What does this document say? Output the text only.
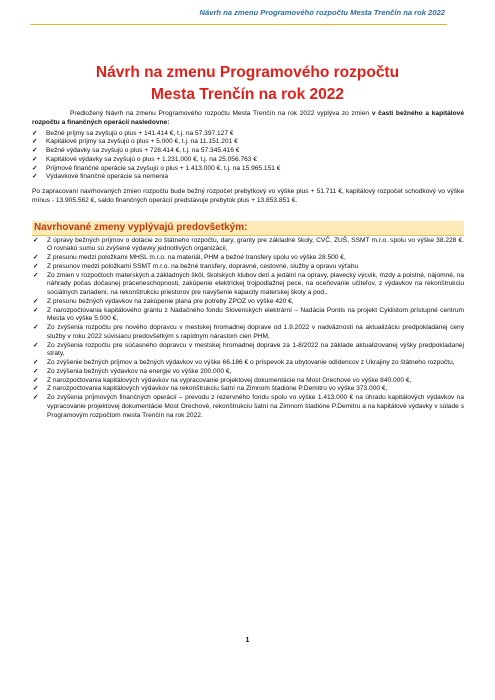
Návrh na zmenu Programového rozpočtu Mesta Trenčín na rok 2022
Návrh na zmenu Programového rozpočtu
Mesta Trenčín na rok 2022

Predložený Návrh na zmenu Programového rozpočtu Mesta Trenčín na rok 2022 vyplýva zo zmien v časti bežného a kapitálové rozpočtu a finančných operácií nasledovne:

✓ Bežné príjmy sa zvyšujú o plus + 141.414 €, t.j. na 57.397.127 €
✓ Kapitálové príjmy sa zvyšujú o plus + 5.000 €, t.j. na 11.151.201 €
✓ Bežné výdavky sa zvyšujú o plus + 728.414 €, t.j. na 57.345.416 €
✓ Kapitálové výdavky sa zvyšujú o plus + 1.231.000 €, t.j. na 25.056.763 €
✓ Príjmové finančné operácie sa zvyšujú o plus + 1.413.000 €, t.j. na 15.965.151 €
✓ Výdavkové finančné operácie sa nemenia

Po zapracovaní navrhovaných zmien rozpočtu bude bežný rozpočet prebytkový vo výške plus + 51.711 €, kapitálový rozpočet schodkový vo výške mínus - 13.905.562 €, saldo finančných operácií predstavuje prebytok plus + 13.853.851 €.

Navrhované zmeny vyplývajú predovšetkým:
✓ Z úpravy bežných príjmov o dotácie zo štátneho rozpočtu, dary, granty pre základné školy, CVČ, ZUŠ, SSMT m.r.o. spolu vo výške 38.228 €. O rovnakú sumu sú zvýšené výdavky jednotlivých organizácií,
✓ Z presunu medzi položkami MHSL m.r.o. na materiál, PHM a bežné transfery spolu vo výške 28.500 €,
✓ Z presunov medzi položkami SSMT m.r.o. na bežné transfery, dopravné, cestovné, služby a opravu výťahu
✓ Zo zmien v rozpočtoch materských a základných škôl, školských klubov detí a jedální na opravy, plavecký výcvik, mzdy a poistné, nájomné, na náhrady počas dočasnej práceneschopnosti, zakúpenie elektrickej trojpodlažnej pece, na oceňovanie učiteľov, z výdavkov na rekonštrukciu sociálnych zariadení, na rekonštrukciu priestorov pre navýšenie kapacity materskej školy a pod.,
✓ Z presunu bežných výdavkov na zakúpenie plana pre potreby ZPOZ vo výške 420 €,
✓ Z narozpočtovania kapitálového grantu z Nadačného fondu Slovenských elektrární – Nadácia Pontis na projekt Cyklistom prístupné centrum Mesta vo výške 5.000 €,
✓ Zo zvýšenia rozpočtu pre nového dopravcu v mestskej hromadnej doprave od 1.9.2022 v nadväznosti na aktualizáciu predpokladanej ceny služby v roku 2022 súvisiacu predovšetkým s rapídnym nárastom cien PHM,
✓ Zo zvýšenia rozpočtu pre súčasného dopravcu v mestskej hromadnej doprave za 1-8/2022 na základe aktualizovanej výšky predpokladanej straty,
✓ Zo zvýšenie bežných príjmov a bežných výdavkov vo výške 66.186 € o príspevok za ubytovanie odídencov z Ukrajiny zo štátneho rozpočtu,
✓ Zo zvýšenia bežných výdavkov na energie vo výške 200.000 €,
✓ Z narozpočtovania kapitálových výdavkov na vypracovanie projektovej dokumentácie na Most Orechové vo výške 840.000 €,
✓ Z narozpočtovania kapitálových výdavkov na rekonštrukciu šatní na Zimnom štadióne P.Demitru vo výške 373.000 €,
✓ Zo zvýšenia príjmových finančných operácií – prevodu z rezervného fondu spolu vo výške 1.413.000 € na úhradu kapitálových výdavkov na vypracovanie projektovej dokumentácie Most Orechové, rekonštrukciu šatní na Zimnom štadióne P.Demitru a na kapitálové výdavky v súlade s Programovým rozpočtom mesta Trenčín na rok 2022.
1
